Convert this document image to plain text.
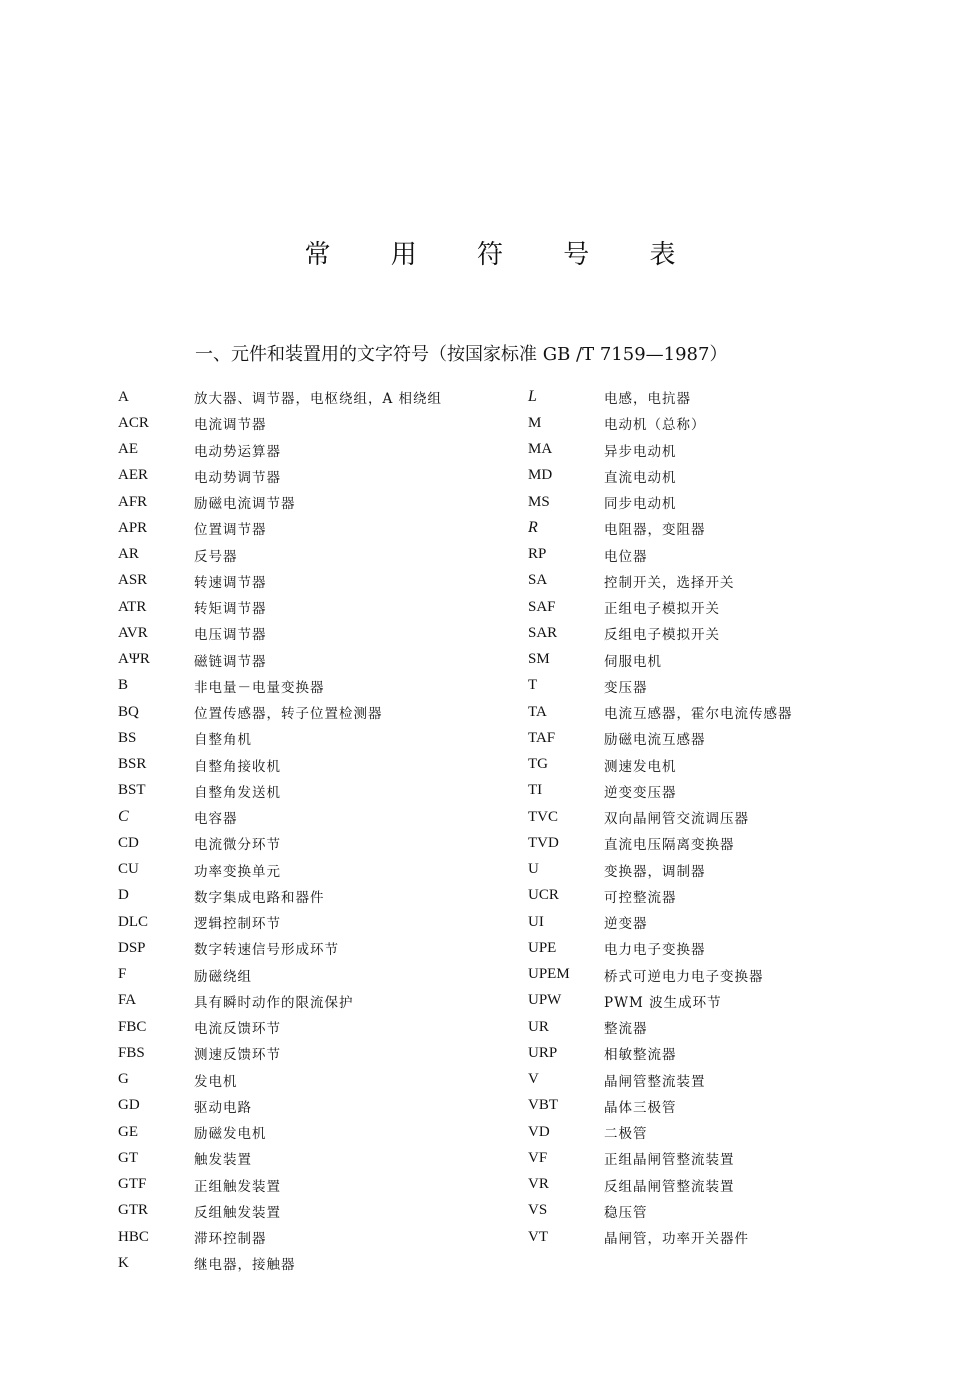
常 用 符 号 表
一、元件和装置用的文字符号（按国家标准 GB /T 7159—1987）
A	放大器、调节器，电枢绕组，A 相绕组
ACR	电流调节器
AE	电动势运算器
AER	电动势调节器
AFR	励磁电流调节器
APR	位置调节器
AR	反号器
ASR	转速调节器
ATR	转矩调节器
AVR	电压调节器
AΨR	磁链调节器
B	非电量－电量变换器
BQ	位置传感器，转子位置检测器
BS	自整角机
BSR	自整角接收机
BST	自整角发送机
C	电容器
CD	电流微分环节
CU	功率变换单元
D	数字集成电路和器件
DLC	逻辑控制环节
DSP	数字转速信号形成环节
F	励磁绕组
FA	具有瞬时动作的限流保护
FBC	电流反馈环节
FBS	测速反馈环节
G	发电机
GD	驱动电路
GE	励磁发电机
GT	触发装置
GTF	正组触发装置
GTR	反组触发装置
HBC	滞环控制器
K	继电器，接触器
L	电感，电抗器
M	电动机（总称）
MA	异步电动机
MD	直流电动机
MS	同步电动机
R	电阻器，变阻器
RP	电位器
SA	控制开关，选择开关
SAF	正组电子模拟开关
SAR	反组电子模拟开关
SM	伺服电机
T	变压器
TA	电流互感器，霍尔电流传感器
TAF	励磁电流互感器
TG	测速发电机
TI	逆变变压器
TVC	双向晶闸管交流调压器
TVD	直流电压隔离变换器
U	变换器，调制器
UCR	可控整流器
UI	逆变器
UPE	电力电子变换器
UPEM	桥式可逆电力电子变换器
UPW	PWM 波生成环节
UR	整流器
URP	相敏整流器
V	晶闸管整流装置
VBT	晶体三极管
VD	二极管
VF	正组晶闸管整流装置
VR	反组晶闸管整流装置
VS	稳压管
VT	晶闸管，功率开关器件
